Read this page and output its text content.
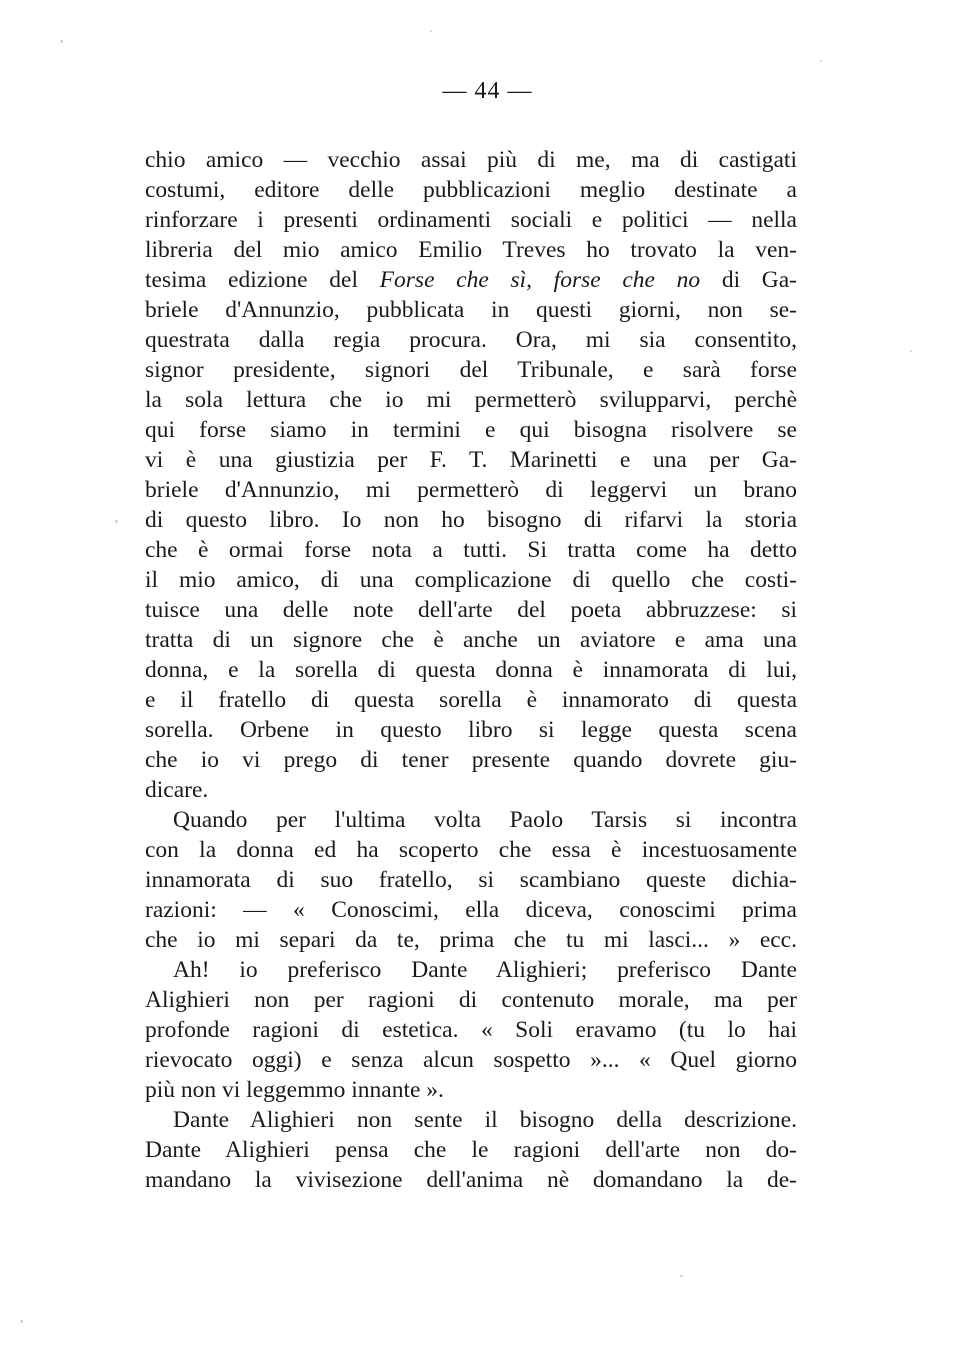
— 44 —
chio amico — vecchio assai più di me, ma di castigati
costumi, editore delle pubblicazioni meglio destinate a
rinforzare i presenti ordinamenti sociali e politici — nella
libreria del mio amico Emilio Treves ho trovato la ven-
tesima edizione del Forse che sì, forse che no di Ga-
briele d'Annunzio, pubblicata in questi giorni, non se-
questrata dalla regia procura. Ora, mi sia consentito,
signor presidente, signori del Tribunale, e sarà forse
la sola lettura che io mi permetterò svilupparvi, perchè
qui forse siamo in termini e qui bisogna risolvere se
vi è una giustizia per F. T. Marinetti e una per Ga-
briele d'Annunzio, mi permetterò di leggervi un brano
di questo libro. Io non ho bisogno di rifarvi la storia
che è ormai forse nota a tutti. Si tratta come ha detto
il mio amico, di una complicazione di quello che costi-
tuisce una delle note dell'arte del poeta abbruzzese: si
tratta di un signore che è anche un aviatore e ama una
donna, e la sorella di questa donna è innamorata di lui,
e il fratello di questa sorella è innamorato di questa
sorella. Orbene in questo libro si legge questa scena
che io vi prego di tener presente quando dovrete giu-
dicare.
Quando per l'ultima volta Paolo Tarsis si incontra
con la donna ed ha scoperto che essa è incestuosamente
innamorata di suo fratello, si scambiano queste dichia-
razioni: — « Conoscimi, ella diceva, conoscimi prima
che io mi separi da te, prima che tu mi lasci... » ecc.
Ah! io preferisco Dante Alighieri; preferisco Dante
Alighieri non per ragioni di contenuto morale, ma per
profonde ragioni di estetica. « Soli eravamo (tu lo hai
rievocato oggi) e senza alcun sospetto »... « Quel giorno
più non vi leggemmo innante ».
Dante Alighieri non sente il bisogno della descrizione.
Dante Alighieri pensa che le ragioni dell'arte non do-
mandano la vivisezione dell'anima nè domandano la de-
